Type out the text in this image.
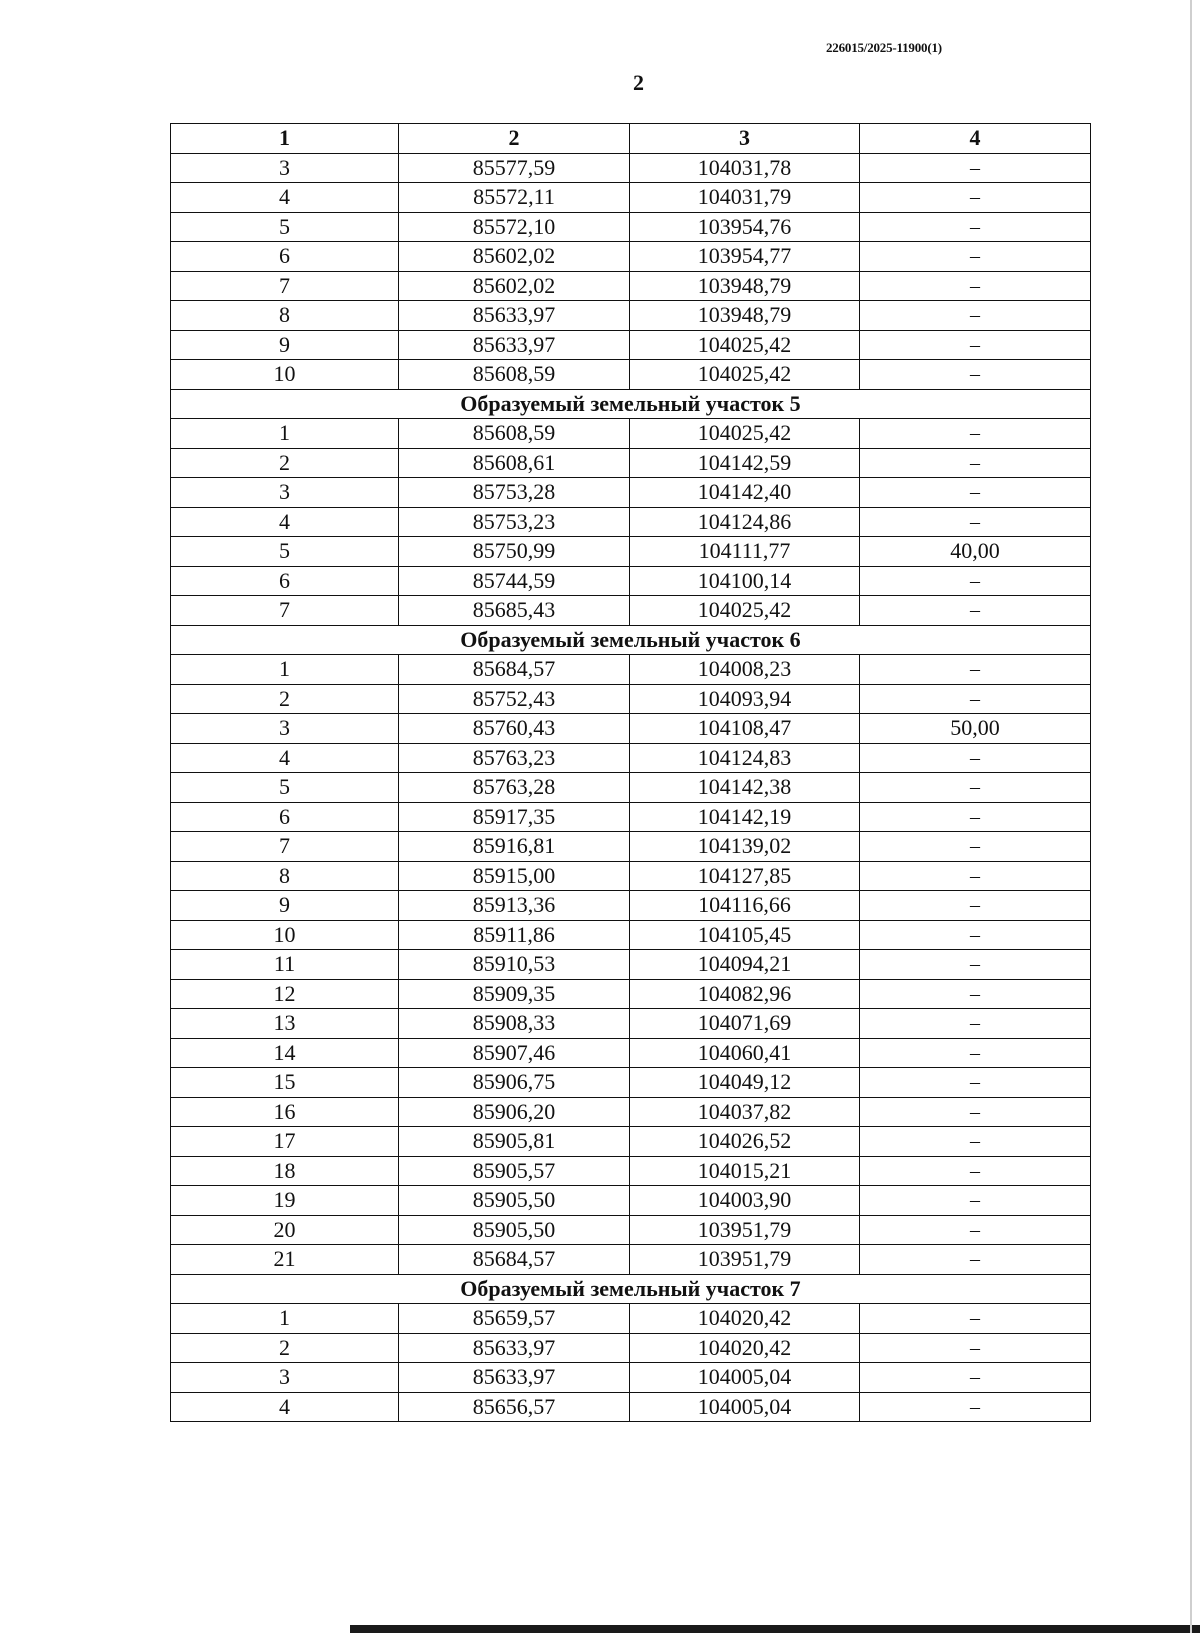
226015/2025-11900(1)
2
1	2	3	4
3	85577,59	104031,78	–
4	85572,11	104031,79	–
5	85572,10	103954,76	–
6	85602,02	103954,77	–
7	85602,02	103948,79	–
8	85633,97	103948,79	–
9	85633,97	104025,42	–
10	85608,59	104025,42	–
Образуемый земельный участок 5			
1	85608,59	104025,42	–
2	85608,61	104142,59	–
3	85753,28	104142,40	–
4	85753,23	104124,86	–
5	85750,99	104111,77	40,00
6	85744,59	104100,14	–
7	85685,43	104025,42	–
Образуемый земельный участок 6			
1	85684,57	104008,23	–
2	85752,43	104093,94	–
3	85760,43	104108,47	50,00
4	85763,23	104124,83	–
5	85763,28	104142,38	–
6	85917,35	104142,19	–
7	85916,81	104139,02	–
8	85915,00	104127,85	–
9	85913,36	104116,66	–
10	85911,86	104105,45	–
11	85910,53	104094,21	–
12	85909,35	104082,96	–
13	85908,33	104071,69	–
14	85907,46	104060,41	–
15	85906,75	104049,12	–
16	85906,20	104037,82	–
17	85905,81	104026,52	–
18	85905,57	104015,21	–
19	85905,50	104003,90	–
20	85905,50	103951,79	–
21	85684,57	103951,79	–
Образуемый земельный участок 7			
1	85659,57	104020,42	–
2	85633,97	104020,42	–
3	85633,97	104005,04	–
4	85656,57	104005,04	–
